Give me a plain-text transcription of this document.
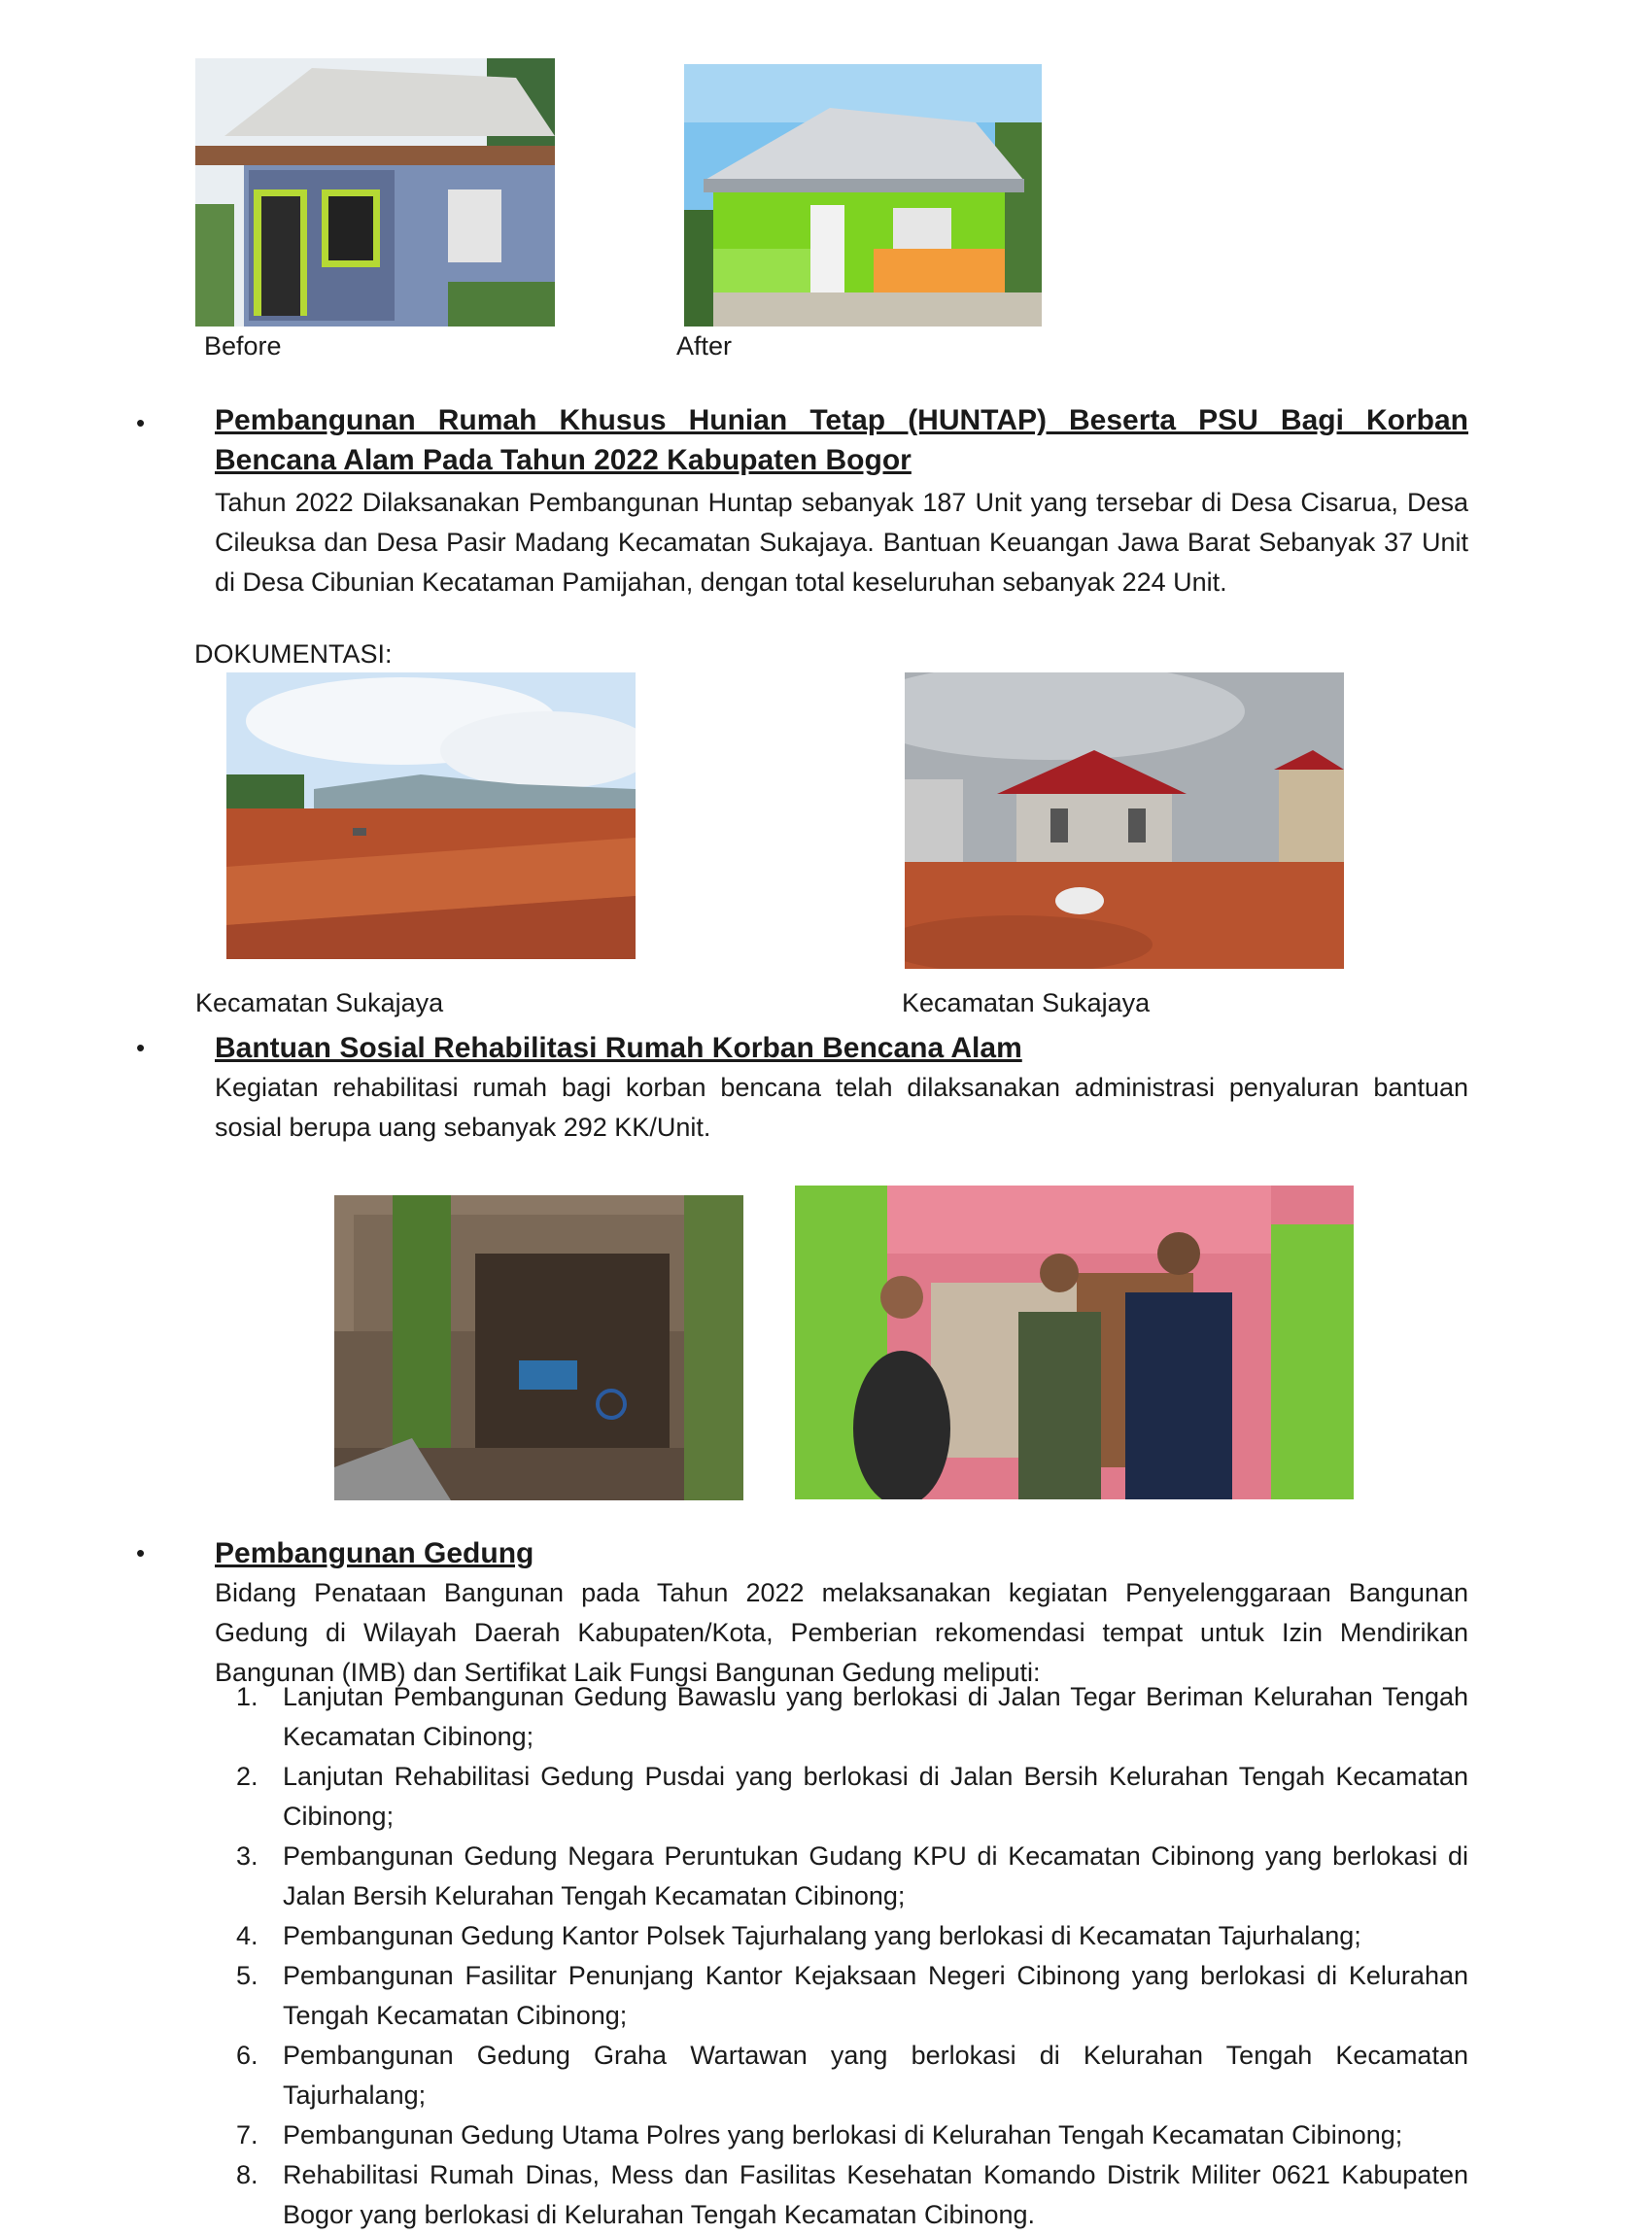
Before	After
• Pembangunan Rumah Khusus Hunian Tetap (HUNTAP) Beserta PSU Bagi Korban Bencana Alam Pada Tahun 2022 Kabupaten Bogor
Tahun 2022 Dilaksanakan Pembangunan Huntap sebanyak 187 Unit yang tersebar di Desa Cisarua, Desa Cileuksa dan Desa Pasir Madang Kecamatan Sukajaya. Bantuan Keuangan Jawa Barat Sebanyak 37 Unit di Desa Cibunian Kecataman Pamijahan, dengan total keseluruhan sebanyak 224 Unit.
DOKUMENTASI:
Kecamatan Sukajaya	Kecamatan Sukajaya
• Bantuan Sosial Rehabilitasi Rumah Korban Bencana Alam
Kegiatan rehabilitasi rumah bagi korban bencana telah dilaksanakan administrasi penyaluran bantuan sosial berupa uang sebanyak 292 KK/Unit.
• Pembangunan Gedung
Bidang Penataan Bangunan pada Tahun 2022 melaksanakan kegiatan Penyelenggaraan Bangunan Gedung di Wilayah Daerah Kabupaten/Kota, Pemberian rekomendasi tempat untuk Izin Mendirikan Bangunan (IMB) dan Sertifikat Laik Fungsi Bangunan Gedung meliputi:
1. Lanjutan Pembangunan Gedung Bawaslu yang berlokasi di Jalan Tegar Beriman Kelurahan Tengah Kecamatan Cibinong;
2. Lanjutan Rehabilitasi Gedung Pusdai yang berlokasi di Jalan Bersih Kelurahan Tengah Kecamatan Cibinong;
3. Pembangunan Gedung Negara Peruntukan Gudang KPU di Kecamatan Cibinong yang berlokasi di Jalan Bersih Kelurahan Tengah Kecamatan Cibinong;
4. Pembangunan Gedung Kantor Polsek Tajurhalang yang berlokasi di Kecamatan Tajurhalang;
5. Pembangunan Fasilitar Penunjang Kantor Kejaksaan Negeri Cibinong yang berlokasi di Kelurahan Tengah Kecamatan Cibinong;
6. Pembangunan Gedung Graha Wartawan yang berlokasi di Kelurahan Tengah Kecamatan Tajurhalang;
7. Pembangunan Gedung Utama Polres yang berlokasi di Kelurahan Tengah Kecamatan Cibinong;
8. Rehabilitasi Rumah Dinas, Mess dan Fasilitas Kesehatan Komando Distrik Militer 0621 Kabupaten Bogor yang berlokasi di Kelurahan Tengah Kecamatan Cibinong.
